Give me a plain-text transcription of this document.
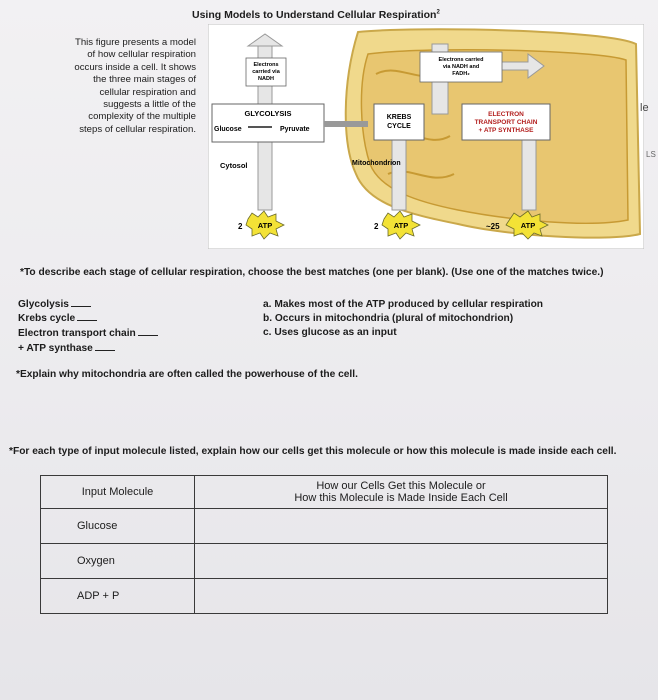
Using Models to Understand Cellular Respiration$^2$
This figure presents a model of how cellular respiration occurs inside a cell. It shows the three main stages of cellular respiration and suggests a little of the complexity of the multiple steps of cellular respiration.
Electrons
carried via
NADH
Electrons carried
via NADH and
FADH₂
GLYCOLYSIS
Glucose	Pyruvate
KREBS
CYCLE
ELECTRON
TRANSPORT CHAIN
+ ATP SYNTHASE
Cytosol	Mitochondrion
2 ATP	2 ATP	~25	ATP
*To describe each stage of cellular respiration, choose the best matches (one per blank). (Use one of the matches twice.)
Glycolysis
Krebs cycle
Electron transport chain
+ ATP synthase
a. Makes most of the ATP produced by cellular respiration
b. Occurs in mitochondria (plural of mitochondrion)
c. Uses glucose as an input
*Explain why mitochondria are often called the powerhouse of the cell.
*For each type of input molecule listed, explain how our cells get this molecule or how this molecule is made inside each cell.
Input Molecule	How our Cells Get this Molecule or
How this Molecule is Made Inside Each Cell

Glucose	
Oxygen	
ADP + P	
le
LS
